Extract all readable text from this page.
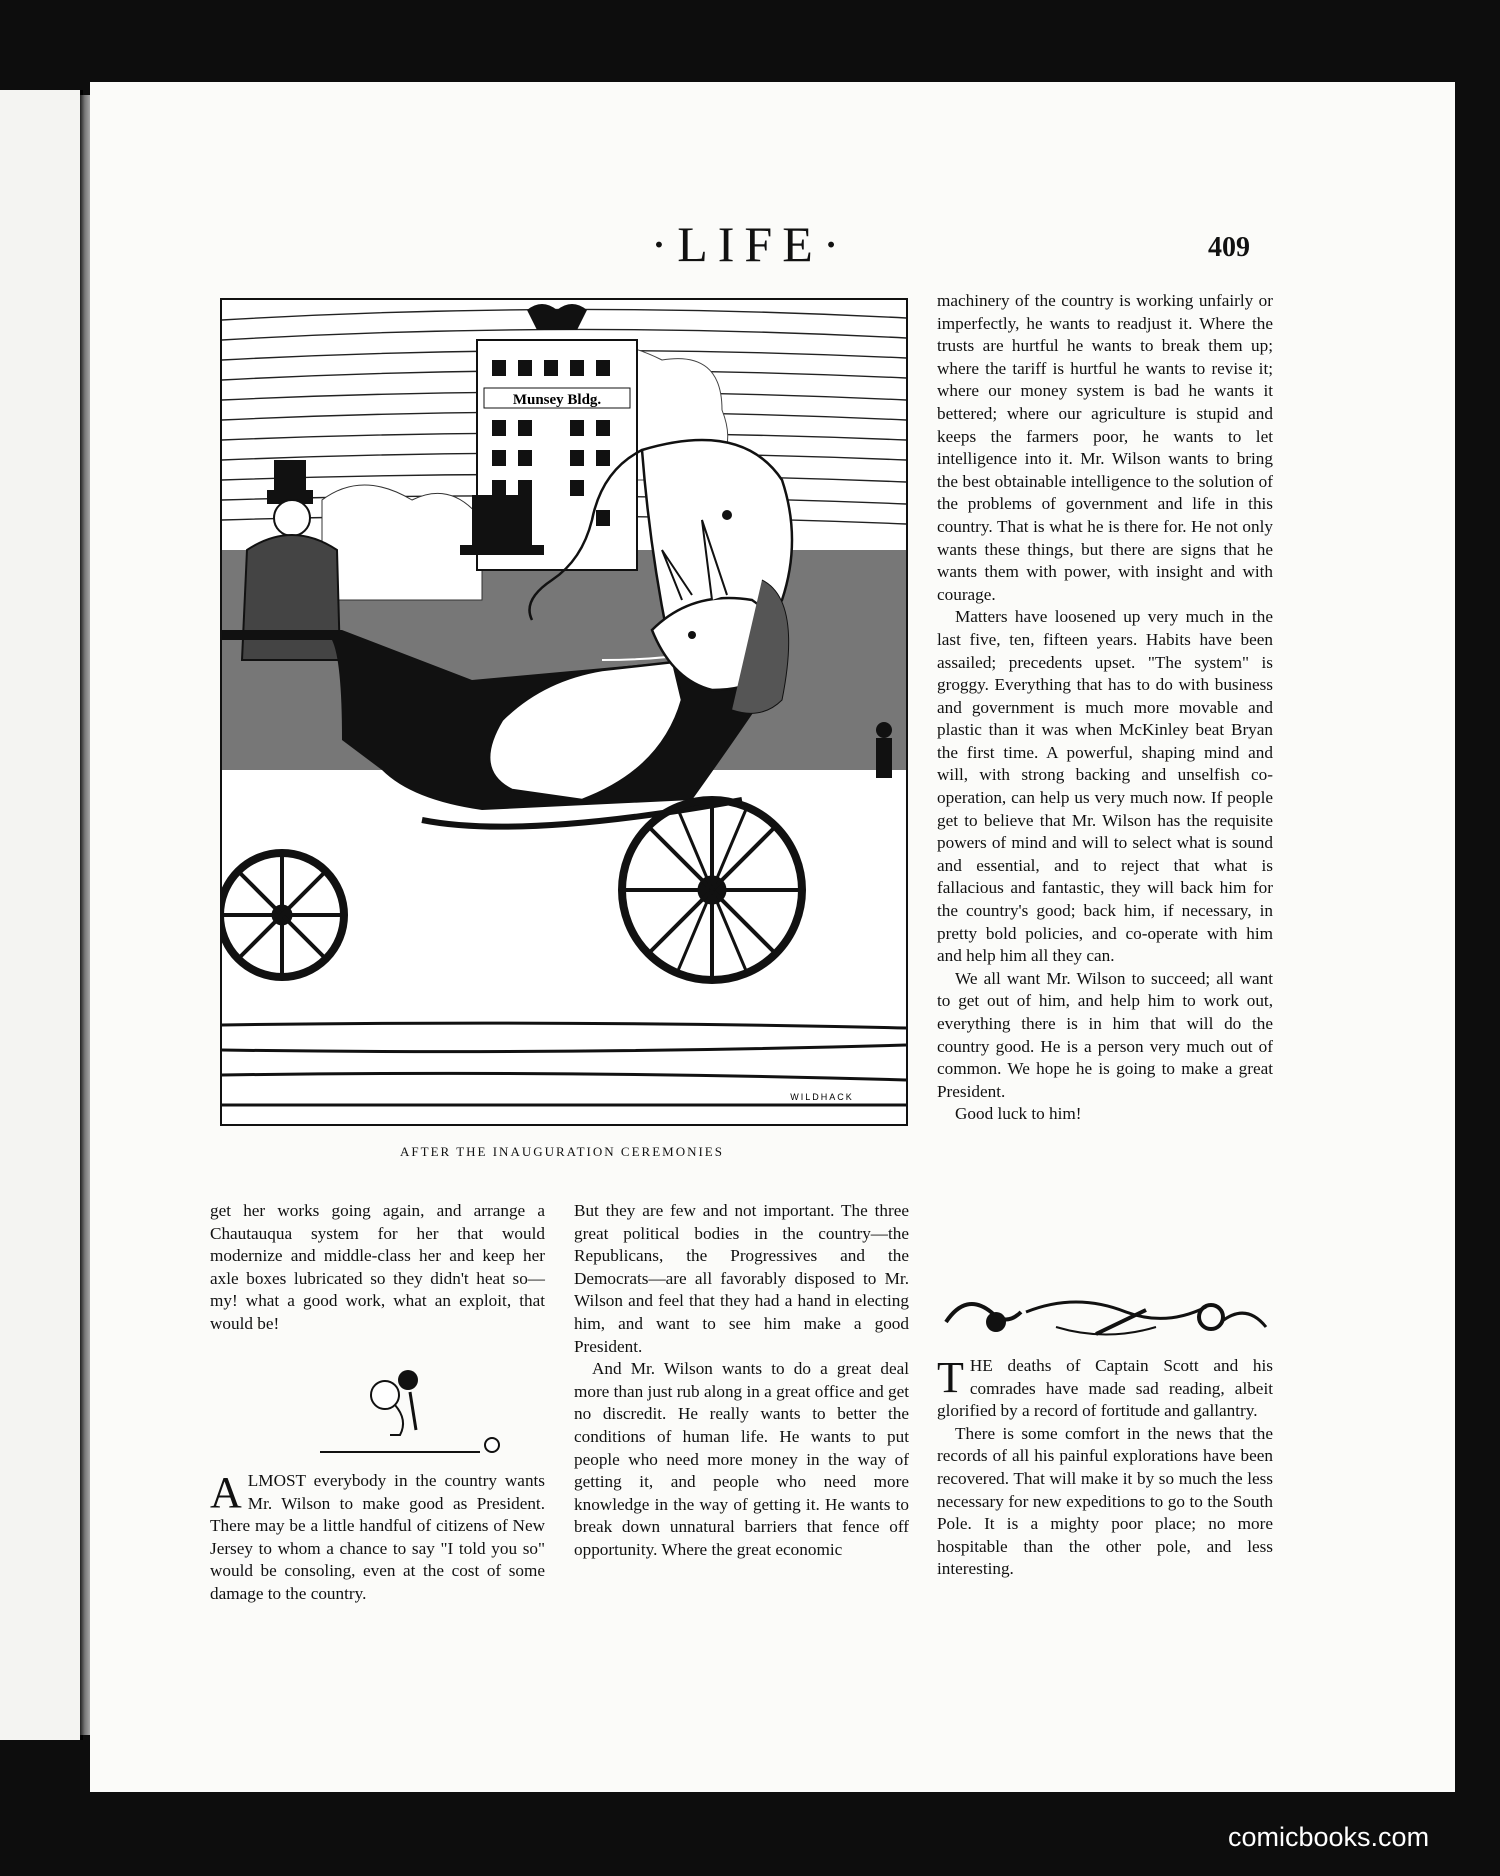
·LIFE·	409
Munsey Bldg.
WILDHACK
AFTER THE INAUGURATION CEREMONIES

get her works going again, and arrange a Chautauqua system for her that would modernize and middle-class her and keep her axle boxes lubricated so they didn't heat so—my! what a good work, what an exploit, that would be!

ALMOST everybody in the country wants Mr. Wilson to make good as President. There may be a little handful of citizens of New Jersey to whom a chance to say "I told you so" would be consoling, even at the cost of some damage to the country.

But they are few and not important. The three great political bodies in the country—the Republicans, the Progressives and the Democrats—are all favorably disposed to Mr. Wilson and feel that they had a hand in electing him, and want to see him make a good President.

And Mr. Wilson wants to do a great deal more than just rub along in a great office and get no discredit. He really wants to better the conditions of human life. He wants to put people who need more money in the way of getting it, and people who need more knowledge in the way of getting it. He wants to break down unnatural barriers that fence off opportunity. Where the great economic

machinery of the country is working unfairly or imperfectly, he wants to readjust it. Where the trusts are hurtful he wants to break them up; where the tariff is hurtful he wants to revise it; where our money system is bad he wants it bettered; where our agriculture is stupid and keeps the farmers poor, he wants to let intelligence into it. Mr. Wilson wants to bring the best obtainable intelligence to the solution of the problems of government and life in this country. That is what he is there for. He not only wants these things, but there are signs that he wants them with power, with insight and with courage.

Matters have loosened up very much in the last five, ten, fifteen years. Habits have been assailed; precedents upset. "The system" is groggy. Everything that has to do with business and government is much more movable and plastic than it was when McKinley beat Bryan the first time. A powerful, shaping mind and will, with strong backing and unselfish co-operation, can help us very much now. If people get to believe that Mr. Wilson has the requisite powers of mind and will to select what is sound and essential, and to reject that what is fallacious and fantastic, they will back him for the country's good; back him, if necessary, in pretty bold policies, and co-operate with him and help him all they can.

We all want Mr. Wilson to succeed; all want to get out of him, and help him to work out, everything there is in him that will do the country good. He is a person very much out of common. We hope he is going to make a great President.

Good luck to him!

THE deaths of Captain Scott and his comrades have made sad reading, albeit glorified by a record of fortitude and gallantry.

There is some comfort in the news that the records of all his painful explorations have been recovered. That will make it by so much the less necessary for new expeditions to go to the South Pole. It is a mighty poor place; no more hospitable than the other pole, and less interesting.

comicbooks.com
